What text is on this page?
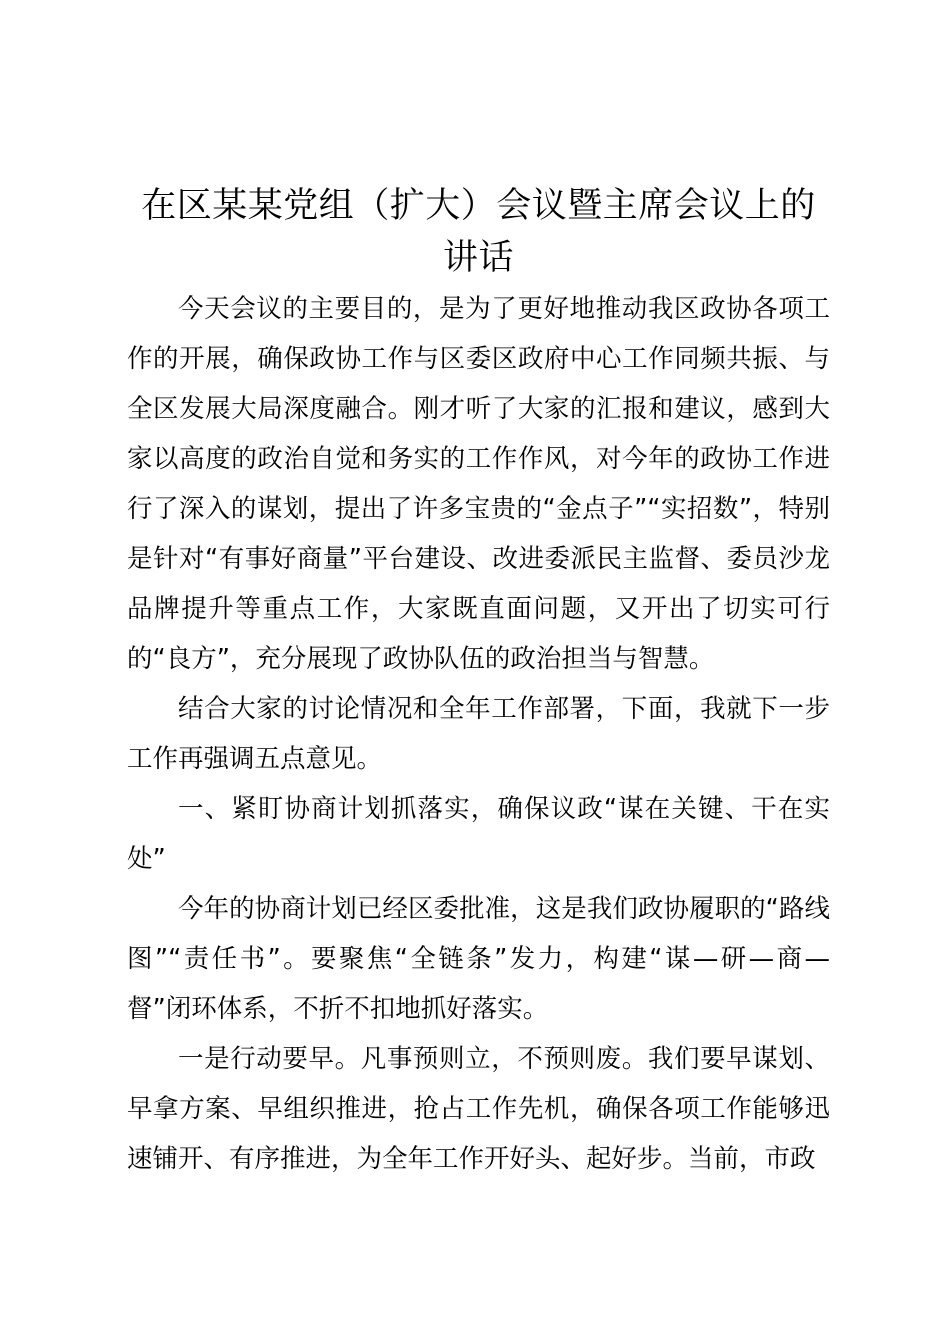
在区某某党组（扩大）会议暨主席会议上的讲话

今天会议的主要目的，是为了更好地推动我区政协各项工作的开展，确保政协工作与区委区政府中心工作同频共振、与全区发展大局深度融合。刚才听了大家的汇报和建议，感到大家以高度的政治自觉和务实的工作作风，对今年的政协工作进行了深入的谋划，提出了许多宝贵的“金点子”“实招数”，特别是针对“有事好商量”平台建设、改进委派民主监督、委员沙龙品牌提升等重点工作，大家既直面问题，又开出了切实可行的“良方”，充分展现了政协队伍的政治担当与智慧。

结合大家的讨论情况和全年工作部署，下面，我就下一步工作再强调五点意见。

一、紧盯协商计划抓落实，确保议政“谋在关键、干在实处”

今年的协商计划已经区委批准，这是我们政协履职的“路线图”“责任书”。要聚焦“全链条”发力，构建“谋—研—商—督”闭环体系，不折不扣地抓好落实。

一是行动要早。凡事预则立，不预则废。我们要早谋划、早拿方案、早组织推进，抢占工作先机，确保各项工作能够迅速铺开、有序推进，为全年工作开好头、起好步。当前，市政
